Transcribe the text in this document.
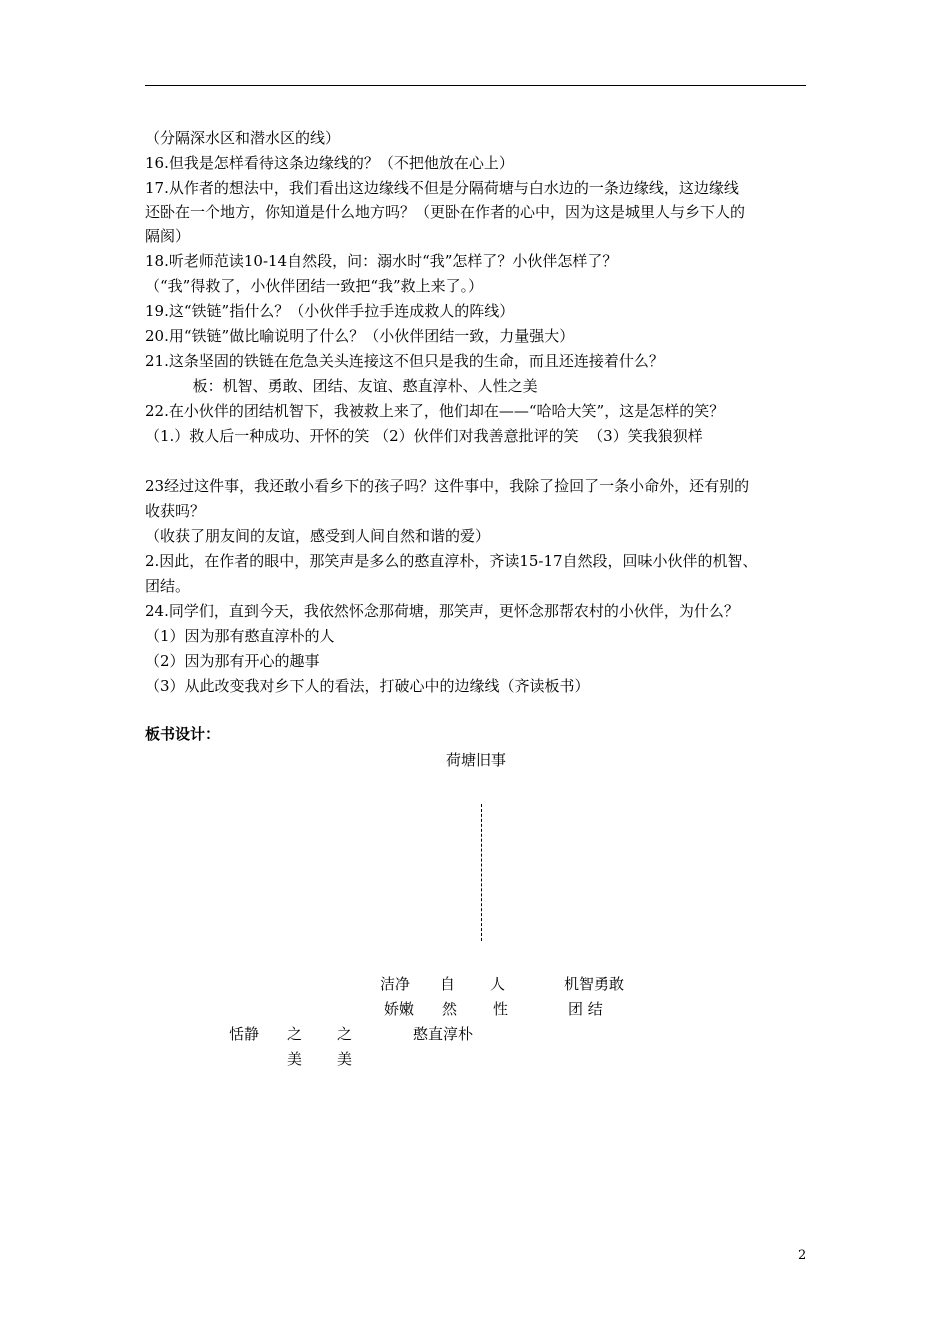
（分隔深水区和潜水区的线）
16.但我是怎样看待这条边缘线的？（不把他放在心上）
17.从作者的想法中，我们看出这边缘线不但是分隔荷塘与白水边的一条边缘线，这边缘线
还卧在一个地方，你知道是什么地方吗？（更卧在作者的心中，因为这是城里人与乡下人的
隔阂）
18.听老师范读10-14自然段，问：溺水时“我”怎样了？小伙伴怎样了？
（“我”得救了，小伙伴团结一致把“我”救上来了。）
19.这“铁链”指什么？（小伙伴手拉手连成救人的阵线）
20.用“铁链”做比喻说明了什么？（小伙伴团结一致，力量强大）
21.这条坚固的铁链在危急关头连接这不但只是我的生命，而且还连接着什么？
板：机智、勇敢、团结、友谊、憨直淳朴、人性之美
22.在小伙伴的团结机智下，我被救上来了，他们却在——“哈哈大笑”，这是怎样的笑？
（1.）救人后一种成功、开怀的笑 （2）伙伴们对我善意批评的笑  （3）笑我狼狈样
23经过这件事，我还敢小看乡下的孩子吗？这件事中，我除了捡回了一条小命外，还有别的
收获吗？
（收获了朋友间的友谊，感受到人间自然和谐的爱）
2.因此，在作者的眼中，那笑声是多么的憨直淳朴，齐读15-17自然段，回味小伙伴的机智、
团结。
24.同学们，直到今天，我依然怀念那荷塘，那笑声，更怀念那帮农村的小伙伴，为什么？
（1）因为那有憨直淳朴的人
（2）因为那有开心的趣事
（3）从此改变我对乡下人的看法，打破心中的边缘线（齐读板书）
板书设计：
荷塘旧事
洁净 自 人	机智勇敢
娇嫩 然 性	团 结
恬静 之 之	憨直淳朴
美 美
2
